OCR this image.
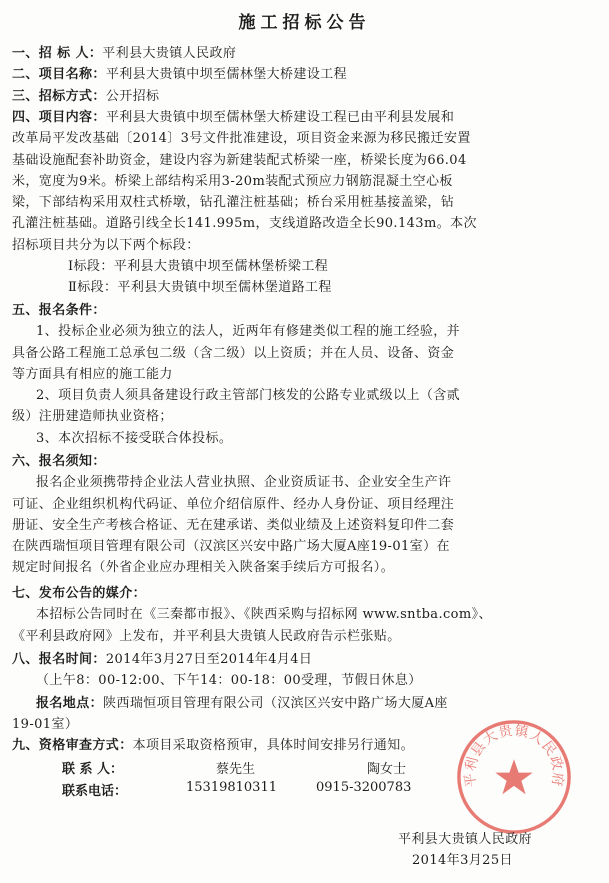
施工招标公告
一、招 标 人：平利县大贵镇人民政府
二、项目名称：平利县大贵镇中坝至儒林堡大桥建设工程
三、招标方式：公开招标
四、项目内容：平利县大贵镇中坝至儒林堡大桥建设工程已由平利县发展和
改革局平发改基础〔2014〕3号文件批准建设，项目资金来源为移民搬迁安置
基础设施配套补助资金，建设内容为新建装配式桥梁一座，桥梁长度为66.04
米，宽度为9米。桥梁上部结构采用3-20m装配式预应力钢筋混凝土空心板
梁，下部结构采用双柱式桥墩，钻孔灌注桩基础；桥台采用桩基接盖梁，钻
孔灌注桩基础。道路引线全长141.995m，支线道路改造全长90.143m。本次
招标项目共分为以下两个标段：
Ⅰ标段：平利县大贵镇中坝至儒林堡桥梁工程
Ⅱ标段：平利县大贵镇中坝至儒林堡道路工程
五、报名条件：
1、投标企业必须为独立的法人，近两年有修建类似工程的施工经验，并
具备公路工程施工总承包二级（含二级）以上资质；并在人员、设备、资金
等方面具有相应的施工能力
2、项目负责人须具备建设行政主管部门核发的公路专业贰级以上（含贰
级）注册建造师执业资格；
3、本次招标不接受联合体投标。
六、报名须知：
报名企业须携带持企业法人营业执照、企业资质证书、企业安全生产许
可证、企业组织机构代码证、单位介绍信原件、经办人身份证、项目经理注
册证、安全生产考核合格证、无在建承诺、类似业绩及上述资料复印件二套
在陕西瑞恒项目管理有限公司（汉滨区兴安中路广场大厦A座19-01室）在
规定时间报名（外省企业应办理相关入陕备案手续后方可报名）。
七、发布公告的媒介：
本招标公告同时在《三秦都市报》、《陕西采购与招标网 www.sntba.com》、
《平利县政府网》上发布，并平利县大贵镇人民政府告示栏张贴。
八、报名时间：2014年3月27日至2014年4月4日
（上午8：00-12:00、下午14：00-18：00受理，节假日休息）
报名地点：陕西瑞恒项目管理有限公司（汉滨区兴安中路广场大厦A座
19-01室）
九、资格审查方式：本项目采取资格预审，具体时间安排另行通知。
联 系 人：	蔡先生	陶女士
联系电话：	15319810311	0915-3200783	平利县大贵镇人民政府
平利县大贵镇人民政府
2014年3月25日
